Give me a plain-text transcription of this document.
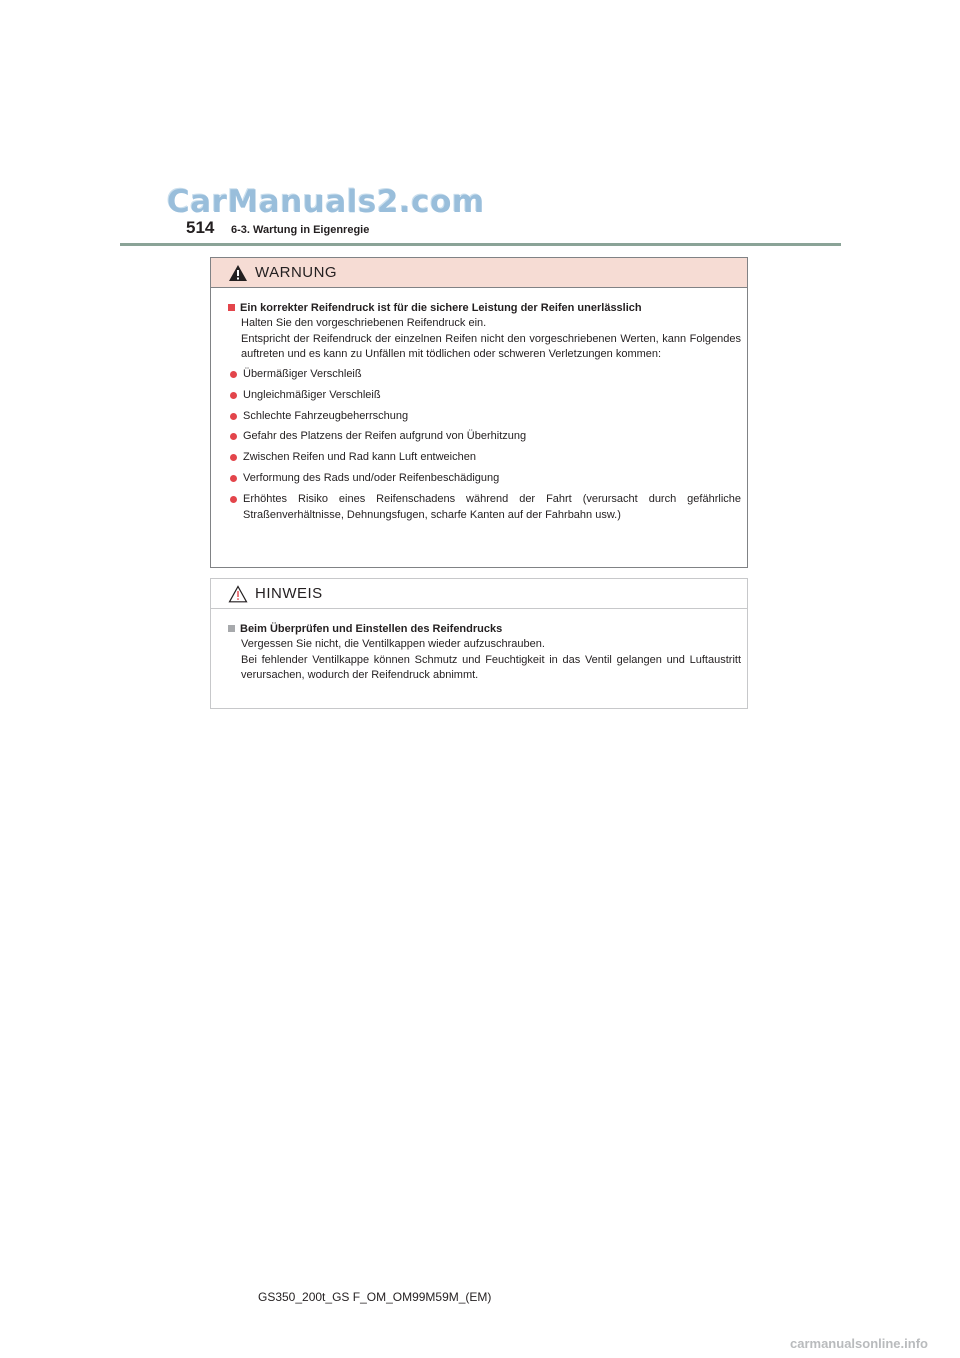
CarManuals2.com
514 6-3. Wartung in Eigenregie
WARNUNG
Ein korrekter Reifendruck ist für die sichere Leistung der Reifen unerlässlich
Halten Sie den vorgeschriebenen Reifendruck ein.
Entspricht der Reifendruck der einzelnen Reifen nicht den vorgeschriebenen Werten, kann Folgendes auftreten und es kann zu Unfällen mit tödlichen oder schweren Verletzungen kommen:
Übermäßiger Verschleiß
Ungleichmäßiger Verschleiß
Schlechte Fahrzeugbeherrschung
Gefahr des Platzens der Reifen aufgrund von Überhitzung
Zwischen Reifen und Rad kann Luft entweichen
Verformung des Rads und/oder Reifenbeschädigung
Erhöhtes Risiko eines Reifenschadens während der Fahrt (verursacht durch gefährliche Straßenverhältnisse, Dehnungsfugen, scharfe Kanten auf der Fahrbahn usw.)
HINWEIS
Beim Überprüfen und Einstellen des Reifendrucks
Vergessen Sie nicht, die Ventilkappen wieder aufzuschrauben.
Bei fehlender Ventilkappe können Schmutz und Feuchtigkeit in das Ventil gelangen und Luftaustritt verursachen, wodurch der Reifendruck abnimmt.
GS350_200t_GS F_OM_OM99M59M_(EM)
carmanualsonline.info
